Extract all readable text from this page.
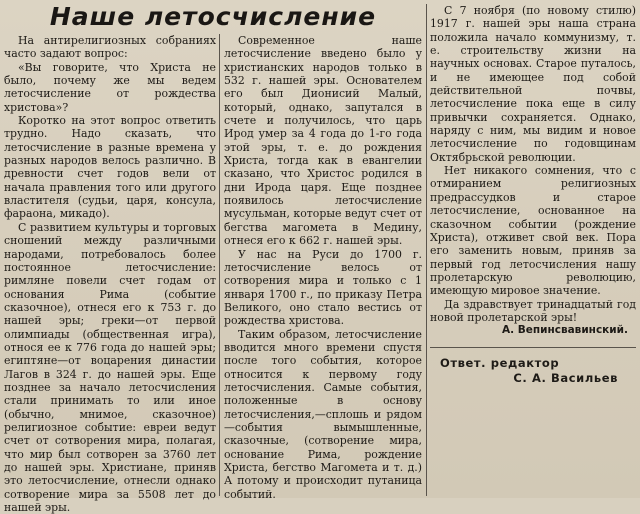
Наше летосчисление

На антирелигиозных собраниях часто задают вопрос:

«Вы говорите, что Христа не было, почему же мы ведем летосчисление от рождества христова»?

Коротко на этот вопрос ответить трудно. Надо сказать, что летосчисление в разные времена у разных народов велось различно. В древности счет годов вели от начала правления того или другого властителя (судьи, царя, консула, фараона, микадо).

С развитием культуры и торговых сношений между различными народами, потребовалось более постоянное летосчисление: римляне повели счет годам от основания Рима (событие сказочное), отнеся его к 753 г. до нашей эры; греки—от первой олимпиады (общественная игра), относя ее к 776 года до нашей эры; египтяне—от воцарения династии Лагов в 324 г. до нашей эры. Еще позднее за начало летосчисления стали принимать то или иное (обычно, мнимое, сказочное) религиозное событие: евреи ведут счет от сотворения мира, полагая, что мир был сотворен за 3760 лет до нашей эры. Христиане, приняв это летосчисление, отнесли однако сотворение мира за 5508 лет до нашей эры.

Современное наше летосчисление введено было у христианских народов только в 532 г. нашей эры. Основателем его был Дионисий Малый, который, однако, запутался в счете и получилось, что царь Ирод умер за 4 года до 1-го года этой эры, т. е. до рождения Христа, тогда как в евангелии сказано, что Христос родился в дни Ирода царя. Еще позднее появилось летосчисление мусульман, которые ведут счет от бегства магомета в Медину, отнеся его к 662 г. нашей эры.

У нас на Руси до 1700 г. летосчисление велось от сотворения мира и только с 1 января 1700 г., по приказу Петра Великого, оно стало вестись от рождества христова.

Таким образом, летосчисление вводится много времени спустя после того события, которое относится к первому году летосчисления. Самые события, положенные в основу летосчисления,—сплошь и рядом—события вымышленные, сказочные, (сотворение мира, основание Рима, рождение Христа, бегство Магомета и т. д.) А потому и происходит путаница событий.

С 7 ноября (по новому стилю) 1917 г. нашей эры наша страна положила начало коммунизму, т. е. строительству жизни на научных основах. Старое путалось, и не имеющее под собой действительной почвы, летосчисление пока еще в силу привычки сохраняется. Однако, наряду с ним, мы видим и новое летосчисление по годовщинам Октябрьской революции.

Нет никакого сомнения, что с отмиранием религиозных предрассудков и старое летосчисление, основанное на сказочном событии (рождение Христа), отживет свой век. Пора его заменить новым, приняв за первый год летосчисления нашу пролетарскую революцию, имеющую мировое значение.

Да здравствует тринадцатый год новой пролетарской эры!

А. Вепинсвавинский.

Ответ. редактор
С. А. Васильев
